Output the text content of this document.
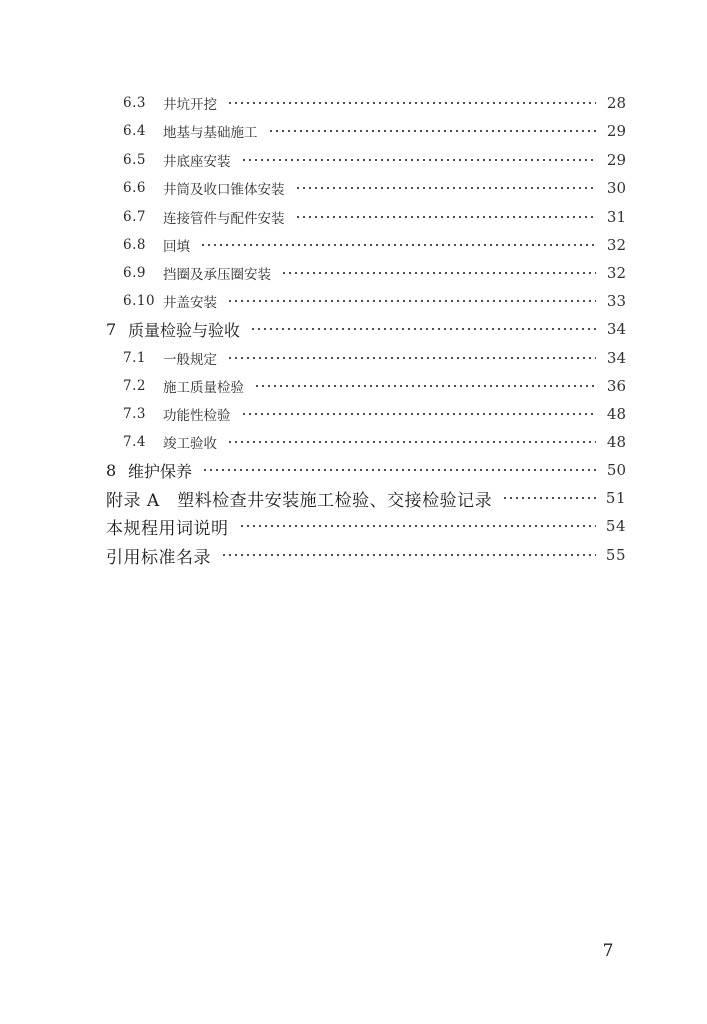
6.3	井坑开挖	28
6.4	地基与基础施工	29
6.5	井底座安装	29
6.6	井筒及收口锥体安装	30
6.7	连接管件与配件安装	31
6.8	回填	32
6.9	挡圈及承压圈安装	32
6.10 井盖安装	33
7 质量检验与验收	34
7.1	一般规定	34
7.2	施工质量检验	36
7.3	功能性检验	48
7.4	竣工验收	48
8 维护保养	50
附录 A　塑料检查井安装施工检验、交接检验记录	51
本规程用词说明	54
引用标准名录	55
7
